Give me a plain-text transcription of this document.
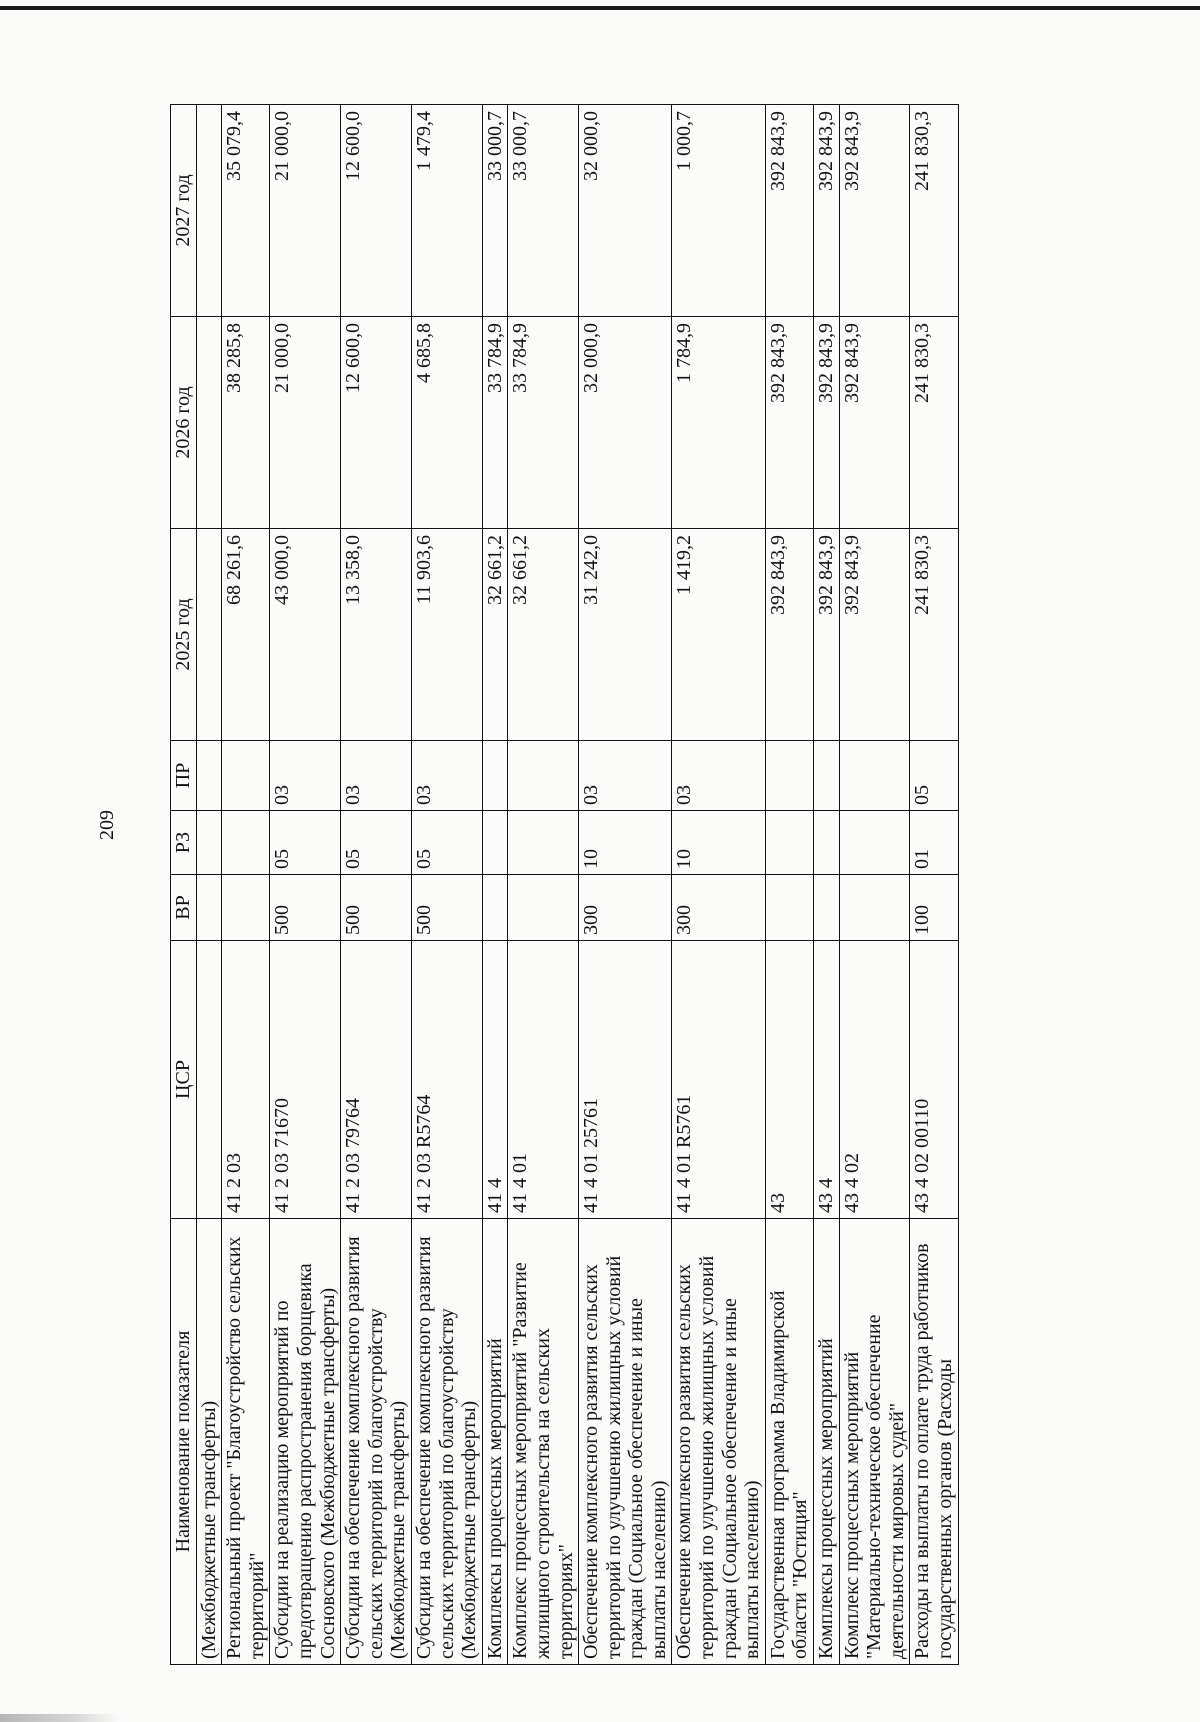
209
Наименование показателя	ЦСР	ВР	РЗ	ПР	2025 год	2026 год	2027 год
(Межбюджетные трансферты)							
Региональный проект "Благоустройство сельских территорий"	41 2 03				68 261,6	38 285,8	35 079,4
Субсидии на реализацию мероприятий по предотвращению распространения борщевика Сосновского (Межбюджетные трансферты)	41 2 03 71670	500	05	03	43 000,0	21 000,0	21 000,0
Субсидии на обеспечение комплексного развития сельских территорий по благоустройству (Межбюджетные трансферты)	41 2 03 79764	500	05	03	13 358,0	12 600,0	12 600,0
Субсидии на обеспечение комплексного развития сельских территорий по благоустройству (Межбюджетные трансферты)	41 2 03 R5764	500	05	03	11 903,6	4 685,8	1 479,4
Комплексы процессных мероприятий	41 4				32 661,2	33 784,9	33 000,7
Комплекс процессных мероприятий "Развитие жилищного строительства на сельских территориях"	41 4 01				32 661,2	33 784,9	33 000,7
Обеспечение комплексного развития сельских территорий по улучшению жилищных условий граждан (Социальное обеспечение и иные выплаты населению)	41 4 01 25761	300	10	03	31 242,0	32 000,0	32 000,0
Обеспечение комплексного развития сельских территорий по улучшению жилищных условий граждан (Социальное обеспечение и иные выплаты населению)	41 4 01 R5761	300	10	03	1 419,2	1 784,9	1 000,7
Государственная программа Владимирской области "Юстиция"	43				392 843,9	392 843,9	392 843,9
Комплексы процессных мероприятий	43 4				392 843,9	392 843,9	392 843,9
Комплекс процессных мероприятий "Материально-техническое обеспечение деятельности мировых судей"	43 4 02				392 843,9	392 843,9	392 843,9
Расходы на выплаты по оплате труда работников государственных органов (Расходы	43 4 02 00110	100	01	05	241 830,3	241 830,3	241 830,3
